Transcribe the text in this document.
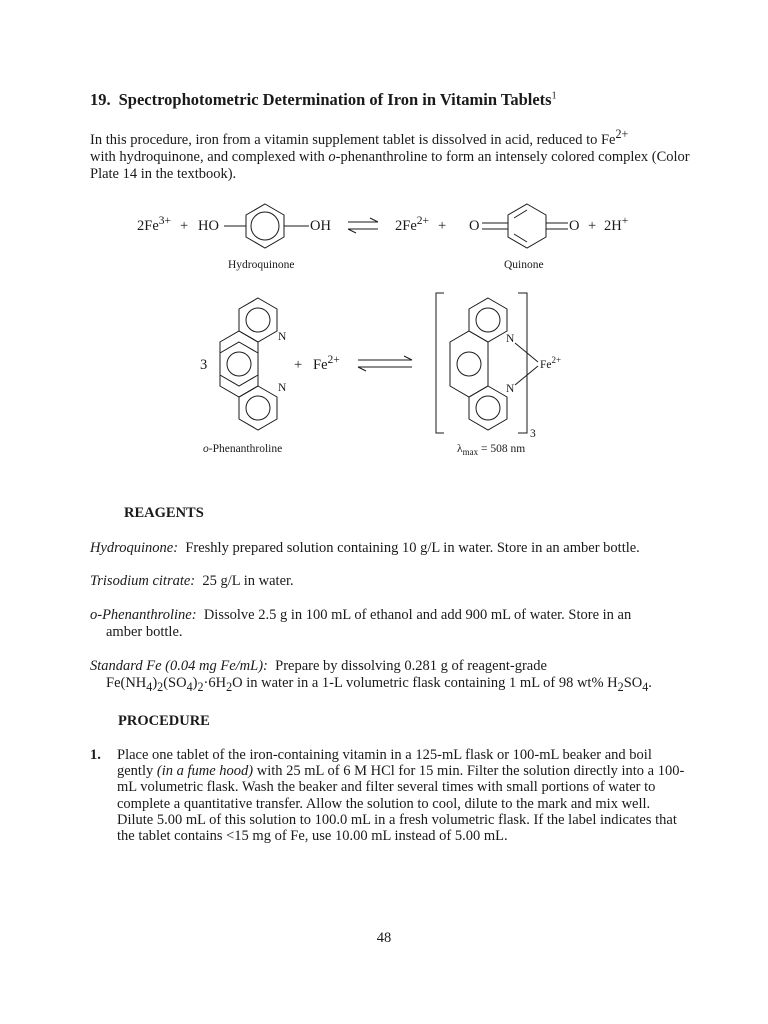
19. Spectrophotometric Determination of Iron in Vitamin Tablets$^1$

In this procedure, iron from a vitamin supplement tablet is dissolved in acid, reduced to $Fe^{2+}$
with hydroquinone, and complexed with o-phenanthroline to form an intensely colored complex (Color Plate 14 in the textbook).

$2Fe^{3+}$ + HO	OH	$2Fe^{2+} + O$	O + 2H+
Hydroquinone	Quinone
3
N
N
+ $Fe^{2+}$
N
N
$Fe^{2+}$
3
o-Phenanthroline	$\lambda_{max} = 508$ nm
REAGENTS

Hydroquinone: Freshly prepared solution containing 10 g/L in water. Store in an amber bottle.

Trisodium citrate: 25 g/L in water.

o-Phenanthroline: Dissolve 2.5 g in 100 mL of ethanol and add 900 mL of water. Store in an
amber bottle.

Standard Fe (0.04 mg Fe/mL): Prepare by dissolving 0.281 g of reagent-grade
$Fe(NH_4)_2(SO_4)_2\cdot 6H_2O$ in water in a 1-L volumetric flask containing 1 mL of 98 wt% $H_2SO_4$.

PROCEDURE
1.	Place one tablet of the iron-containing vitamin in a 125-mL flask or 100-mL beaker and boil gently (in a fume hood) with 25 mL of 6 M HCl for 15 min. Filter the solution directly into a 100-mL volumetric flask. Wash the beaker and filter several times with small portions of water to complete a quantitative transfer. Allow the solution to cool, dilute to the mark and mix well. Dilute 5.00 mL of this solution to 100.0 mL in a fresh volumetric flask. If the label indicates that the tablet contains <15 mg of Fe, use 10.00 mL instead of 5.00 mL.

48
